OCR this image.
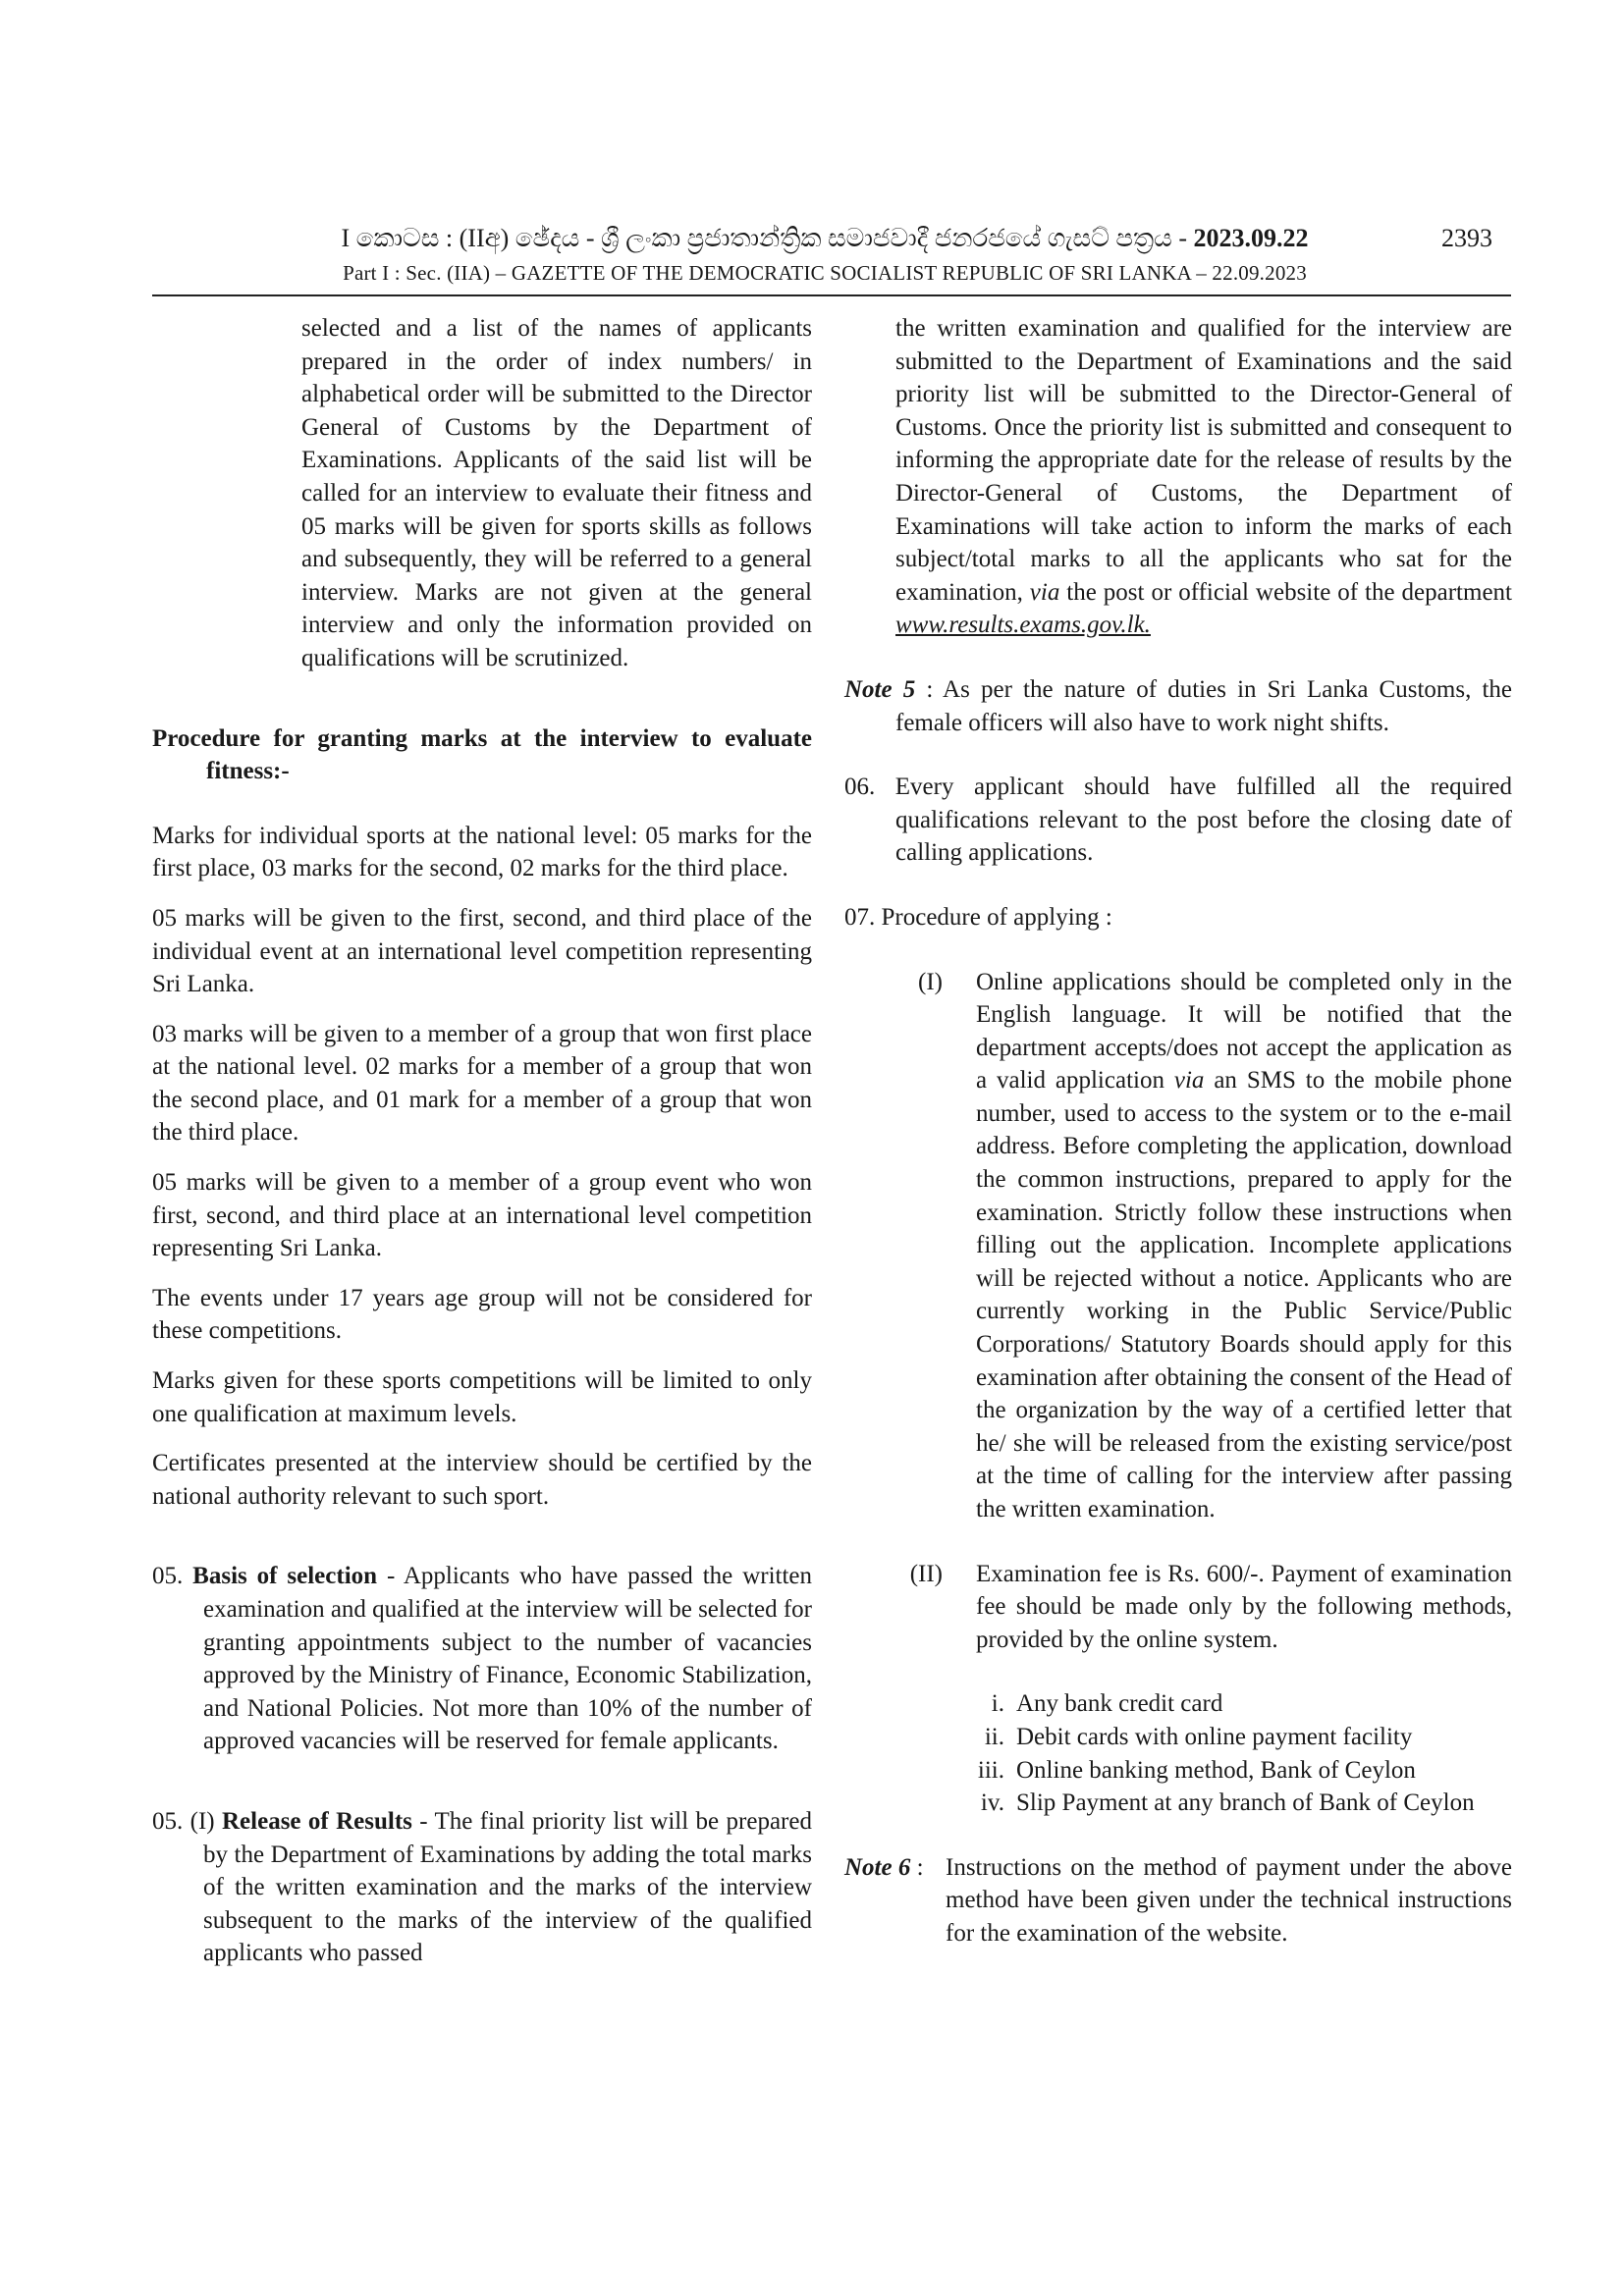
I කොටස : (IIඅ) ඡේදය - ශ්‍රී ලංකා ප්‍රජාතාන්ත්‍රික සමාජවාදී ජනරජයේ ගැසට් පත්‍රය - 2023.09.22	2393
Part I : Sec. (IIA) – GAZETTE OF THE DEMOCRATIC SOCIALIST REPUBLIC OF SRI LANKA – 22.09.2023

selected and a list of the names of applicants prepared in the order of index numbers/ in alphabetical order will be submitted to the Director General of Customs by the Department of Examinations. Applicants of the said list will be called for an interview to evaluate their fitness and 05 marks will be given for sports skills as follows and subsequently, they will be referred to a general interview. Marks are not given at the general interview and only the information provided on qualifications will be scrutinized.

Procedure for granting marks at the interview to evaluate fitness:-

Marks for individual sports at the national level: 05 marks for the first place, 03 marks for the second, 02 marks for the third place.

05 marks will be given to the first, second, and third place of the individual event at an international level competition representing Sri Lanka.

03 marks will be given to a member of a group that won first place at the national level. 02 marks for a member of a group that won the second place, and 01 mark for a member of a group that won the third place.

05 marks will be given to a member of a group event who won first, second, and third place at an international level competition representing Sri Lanka.

The events under 17 years age group will not be considered for these competitions.

Marks given for these sports competitions will be limited to only one qualification at maximum levels.

Certificates presented at the interview should be certified by the national authority relevant to such sport.

05. Basis of selection - Applicants who have passed the written examination and qualified at the interview will be selected for granting appointments subject to the number of vacancies approved by the Ministry of Finance, Economic Stabilization, and National Policies. Not more than 10% of the number of approved vacancies will be reserved for female applicants.

05. (I) Release of Results - The final priority list will be prepared by the Department of Examinations by adding the total marks of the written examination and the marks of the interview subsequent to the marks of the interview of the qualified applicants who passed

the written examination and qualified for the interview are submitted to the Department of Examinations and the said priority list will be submitted to the Director-General of Customs. Once the priority list is submitted and consequent to informing the appropriate date for the release of results by the Director-General of Customs, the Department of Examinations will take action to inform the marks of each subject/total marks to all the applicants who sat for the examination, via the post or official website of the department www.results.exams.gov.lk.

Note 5 : As per the nature of duties in Sri Lanka Customs, the female officers will also have to work night shifts.

06. Every applicant should have fulfilled all the required qualifications relevant to the post before the closing date of calling applications.

07. Procedure of applying :

(I)	Online applications should be completed only in the English language. It will be notified that the department accepts/does not accept the application as a valid application via an SMS to the mobile phone number, used to access to the system or to the e-mail address. Before completing the application, download the common instructions, prepared to apply for the examination. Strictly follow these instructions when filling out the application. Incomplete applications will be rejected without a notice. Applicants who are currently working in the Public Service/Public Corporations/ Statutory Boards should apply for this examination after obtaining the consent of the Head of the organization by the way of a certified letter that he/ she will be released from the existing service/post at the time of calling for the interview after passing the written examination.
(II)	Examination fee is Rs. 600/-. Payment of examination fee should be made only by the following methods, provided by the online system.
i. Any bank credit card
ii. Debit cards with online payment facility
iii. Online banking method, Bank of Ceylon
iv. Slip Payment at any branch of Bank of Ceylon
Note 6 : Instructions on the method of payment under the above method have been given under the technical instructions for the examination of the website.
